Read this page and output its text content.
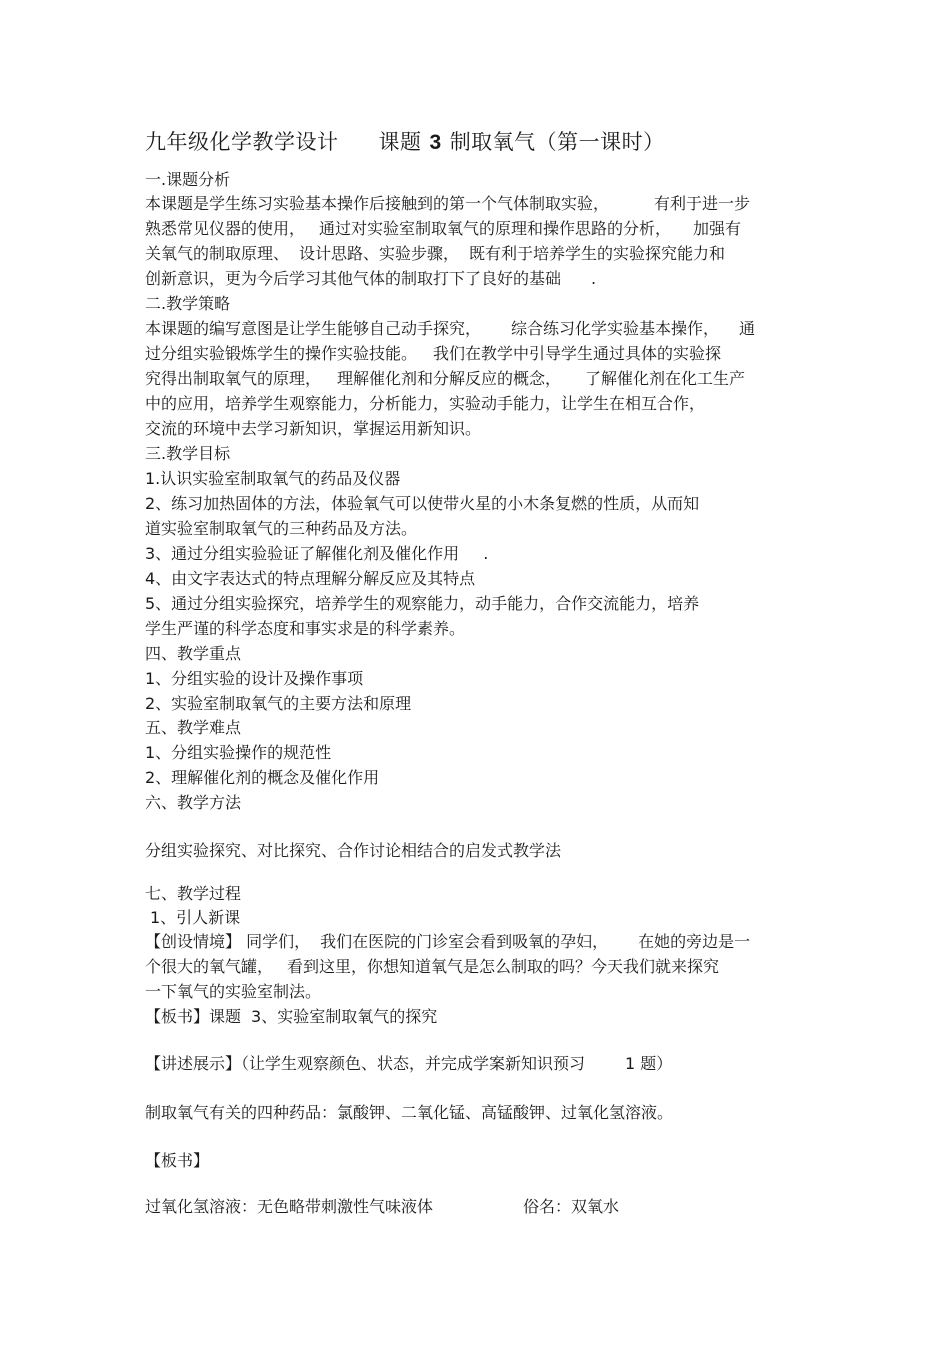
九年级化学教学设计 课题 3 制取氧气（第一课时）
一.课题分析
本课题是学生练习实验基本操作后接触到的第一个气体制取实验，	有利于进一步
熟悉常见仪器的使用， 通过对实验室制取氧气的原理和操作思路的分析， 加强有
关氧气的制取原理、 设计思路、实验步骤， 既有利于培养学生的实验探究能力和
创新意识，更为今后学习其他气体的制取打下了良好的基础 .
二.教学策略
本课题的编写意图是让学生能够自己动手探究， 综合练习化学实验基本操作， 通
过分组实验锻炼学生的操作实验技能。 我们在教学中引导学生通过具体的实验探
究得出制取氧气的原理， 理解催化剂和分解反应的概念， 了解催化剂在化工生产
中的应用，培养学生观察能力，分析能力，实验动手能力，让学生在相互合作，
交流的环境中去学习新知识，掌握运用新知识。
三.教学目标
1.认识实验室制取氧气的药品及仪器
2、练习加热固体的方法，体验氧气可以使带火星的小木条复燃的性质，从而知
道实验室制取氧气的三种药品及方法。
3、通过分组实验验证了解催化剂及催化作用 .
4、由文字表达式的特点理解分解反应及其特点
5、通过分组实验探究，培养学生的观察能力，动手能力，合作交流能力，培养
学生严谨的科学态度和事实求是的科学素养。
四、教学重点
1、分组实验的设计及操作事项
2、实验室制取氧气的主要方法和原理
五、教学难点
1、分组实验操作的规范性
2、理解催化剂的概念及催化作用
六、教学方法
分组实验探究、对比探究、合作讨论相结合的启发式教学法
七、教学过程
1、引人新课
【创设情境】 同学们， 我们在医院的门诊室会看到吸氧的孕妇， 在她的旁边是一
个很大的氧气罐， 看到这里，你想知道氧气是怎么制取的吗？今天我们就来探究
一下氧气的实验室制法。
【板书】课题 3、实验室制取氧气的探究
【讲述展示】（让学生观察颜色、状态，并完成学案新知识预习	1 题）
制取氧气有关的四种药品：氯酸钾、二氧化锰、高锰酸钾、过氧化氢溶液。
【板书】
过氧化氢溶液：无色略带刺激性气味液体	俗名：双氧水
